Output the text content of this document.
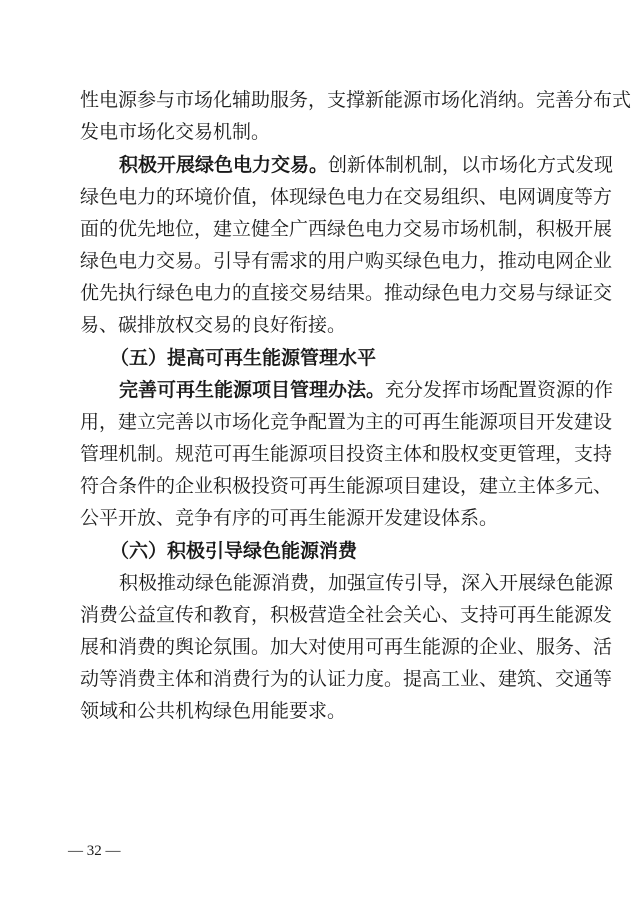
性电源参与市场化辅助服务，支撑新能源市场化消纳。完善分布式
发电市场化交易机制。
积极开展绿色电力交易。创新体制机制，以市场化方式发现
绿色电力的环境价值，体现绿色电力在交易组织、电网调度等方
面的优先地位，建立健全广西绿色电力交易市场机制，积极开展
绿色电力交易。引导有需求的用户购买绿色电力，推动电网企业
优先执行绿色电力的直接交易结果。推动绿色电力交易与绿证交
易、碳排放权交易的良好衔接。
（五）提高可再生能源管理水平
完善可再生能源项目管理办法。充分发挥市场配置资源的作
用，建立完善以市场化竞争配置为主的可再生能源项目开发建设
管理机制。规范可再生能源项目投资主体和股权变更管理，支持
符合条件的企业积极投资可再生能源项目建设，建立主体多元、
公平开放、竞争有序的可再生能源开发建设体系。
（六）积极引导绿色能源消费
积极推动绿色能源消费，加强宣传引导，深入开展绿色能源
消费公益宣传和教育，积极营造全社会关心、支持可再生能源发
展和消费的舆论氛围。加大对使用可再生能源的企业、服务、活
动等消费主体和消费行为的认证力度。提高工业、建筑、交通等
领域和公共机构绿色用能要求。
— 32 —
